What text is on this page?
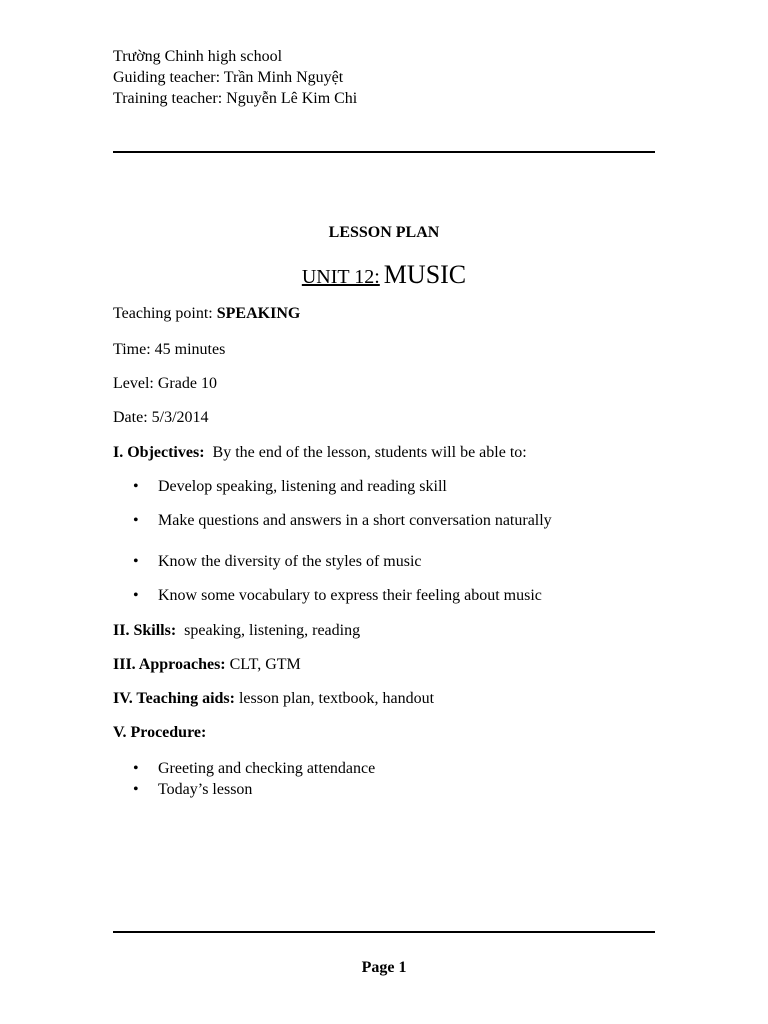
Trường Chinh high school
Guiding teacher: Trần Minh Nguyệt
Training teacher: Nguyễn Lê Kim Chi
LESSON PLAN
UNIT 12: MUSIC
Teaching point: SPEAKING
Time: 45 minutes
Level: Grade 10
Date: 5/3/2014
I. Objectives: By the end of the lesson, students will be able to:
•
Develop speaking, listening and reading skill
•
Make questions and answers in a short conversation naturally
•
Know the diversity of the styles of music
•
Know some vocabulary to express their feeling about music
II. Skills: speaking, listening, reading
III. Approaches: CLT, GTM
IV. Teaching aids: lesson plan, textbook, handout
V. Procedure:
•
Greeting and checking attendance
•
Today’s lesson
Page 1
